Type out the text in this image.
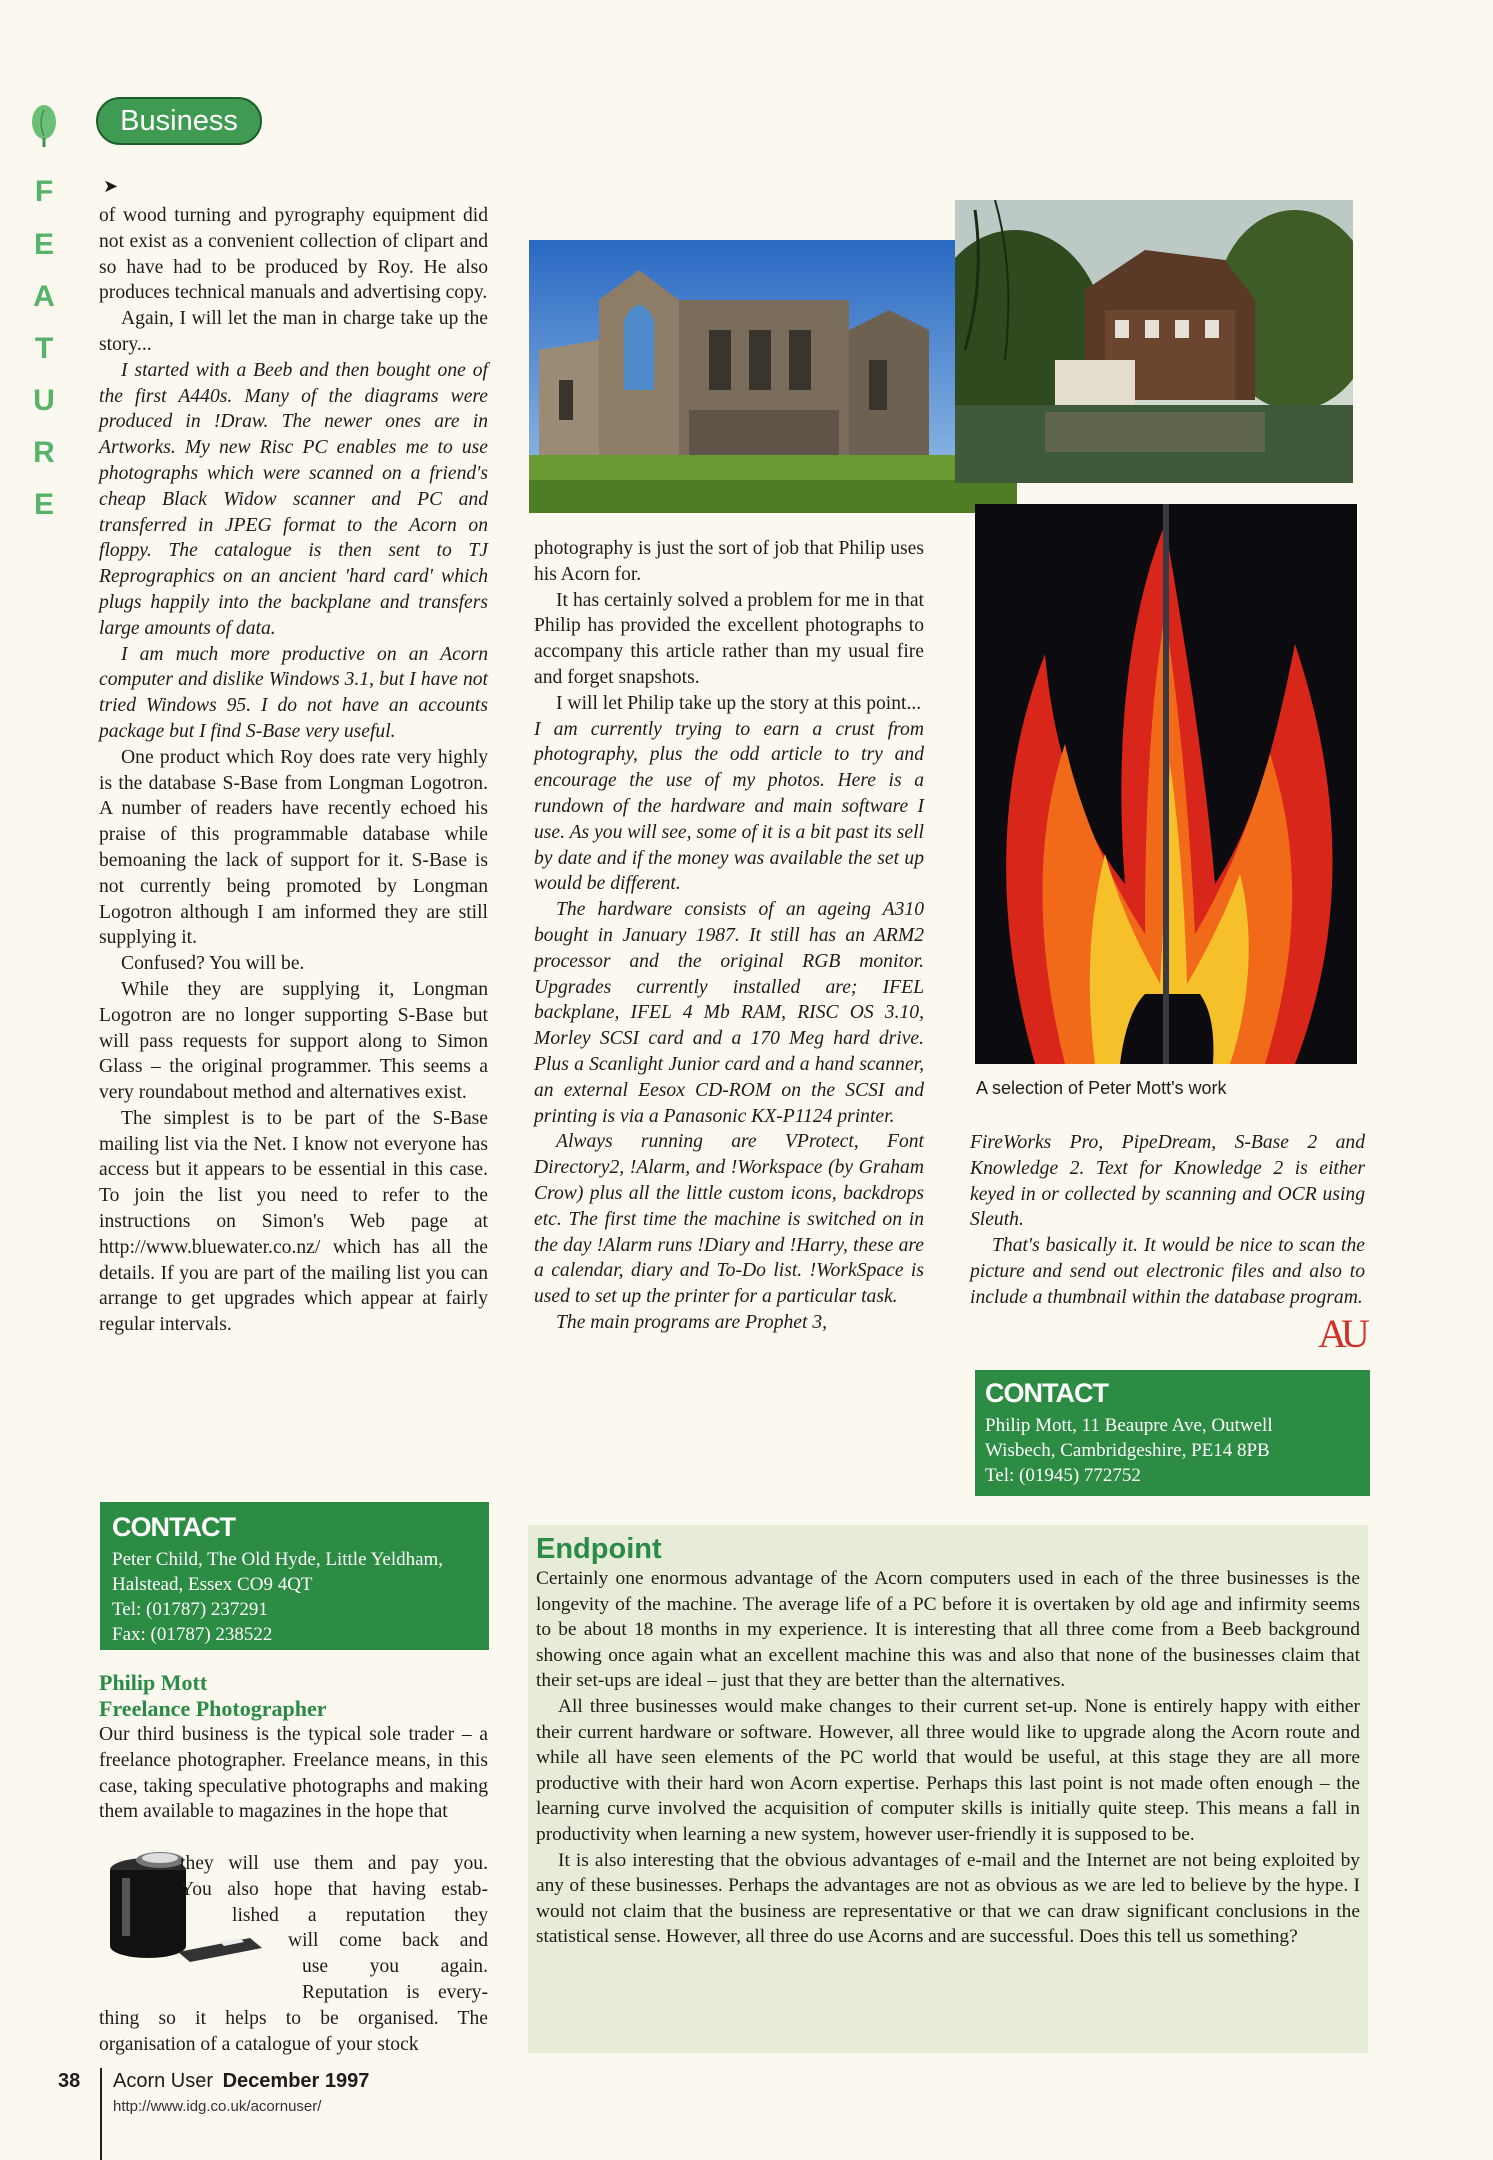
F
E
A
T
U
R
E
Business
➤

of wood turning and pyrography equipment did not exist as a convenient collection of clipart and so have had to be produced by Roy. He also produces technical manuals and advertising copy.

Again, I will let the man in charge take up the story...

I started with a Beeb and then bought one of the first A440s. Many of the diagrams were produced in !Draw. The newer ones are in Artworks. My new Risc PC enables me to use photographs which were scanned on a friend's cheap Black Widow scanner and PC and transferred in JPEG format to the Acorn on floppy. The catalogue is then sent to TJ Reprographics on an ancient 'hard card' which plugs happily into the backplane and transfers large amounts of data.

I am much more productive on an Acorn computer and dislike Windows 3.1, but I have not tried Windows 95. I do not have an accounts package but I find S-Base very useful.

One product which Roy does rate very highly is the database S-Base from Longman Logotron. A number of readers have recently echoed his praise of this programmable database while bemoaning the lack of support for it. S-Base is not currently being promoted by Longman Logotron although I am informed they are still supplying it.

Confused? You will be.

While they are supplying it, Longman Logotron are no longer supporting S-Base but will pass requests for support along to Simon Glass – the original programmer. This seems a very roundabout method and alternatives exist.

The simplest is to be part of the S-Base mailing list via the Net. I know not everyone has access but it appears to be essential in this case. To join the list you need to refer to the instructions on Simon's Web page at http://www.bluewater.co.nz/ which has all the details. If you are part of the mailing list you can arrange to get upgrades which appear at fairly regular intervals.

CONTACT
Peter Child, The Old Hyde, Little Yeldham,
Halstead, Essex CO9 4QT
Tel: (01787) 237291
Fax: (01787) 238522
Philip Mott
Freelance Photographer

Our third business is the typical sole trader – a freelance photographer. Freelance means, in this case, taking speculative photographs and making them available to magazines in the hope that

they will use them and pay you.

You also hope that having estab-

lished a reputation they

will come back and

use you again.

Reputation is every-

thing so it helps to be organised. The organisation of a catalogue of your stock

A selection of Peter Mott's work

photography is just the sort of job that Philip uses his Acorn for.

It has certainly solved a problem for me in that Philip has provided the excellent photographs to accompany this article rather than my usual fire and forget snapshots.

I will let Philip take up the story at this point...

I am currently trying to earn a crust from photography, plus the odd article to try and encourage the use of my photos. Here is a rundown of the hardware and main software I use. As you will see, some of it is a bit past its sell by date and if the money was available the set up would be different.

The hardware consists of an ageing A310 bought in January 1987. It still has an ARM2 processor and the original RGB monitor. Upgrades currently installed are; IFEL backplane, IFEL 4 Mb RAM, RISC OS 3.10, Morley SCSI card and a 170 Meg hard drive. Plus a Scanlight Junior card and a hand scanner, an external Eesox CD-ROM on the SCSI and printing is via a Panasonic KX-P1124 printer.

Always running are VProtect, Font Directory2, !Alarm, and !Workspace (by Graham Crow) plus all the little custom icons, backdrops etc. The first time the machine is switched on in the day !Alarm runs !Diary and !Harry, these are a calendar, diary and To-Do list. !WorkSpace is used to set up the printer for a particular task.

The main programs are Prophet 3,

FireWorks Pro, PipeDream, S-Base 2 and Knowledge 2. Text for Knowledge 2 is either keyed in or collected by scanning and OCR using Sleuth.

That's basically it. It would be nice to scan the picture and send out electronic files and also to include a thumbnail within the database program.

AU
CONTACT
Philip Mott, 11 Beaupre Ave, Outwell
Wisbech, Cambridgeshire, PE14 8PB
Tel: (01945) 772752
Endpoint

Certainly one enormous advantage of the Acorn computers used in each of the three businesses is the longevity of the machine. The average life of a PC before it is overtaken by old age and infirmity seems to be about 18 months in my experience. It is interesting that all three come from a Beeb background showing once again what an excellent machine this was and also that none of the businesses claim that their set-ups are ideal – just that they are better than the alternatives.

All three businesses would make changes to their current set-up. None is entirely happy with either their current hardware or software. However, all three would like to upgrade along the Acorn route and while all have seen elements of the PC world that would be useful, at this stage they are all more productive with their hard won Acorn expertise. Perhaps this last point is not made often enough – the learning curve involved the acquisition of computer skills is initially quite steep. This means a fall in productivity when learning a new system, however user-friendly it is supposed to be.

It is also interesting that the obvious advantages of e-mail and the Internet are not being exploited by any of these businesses. Perhaps the advantages are not as obvious as we are led to believe by the hype. I would not claim that the business are representative or that we can draw significant conclusions in the statistical sense. However, all three do use Acorns and are successful. Does this tell us something?

38 Acorn User December 1997
http://www.idg.co.uk/acornuser/
